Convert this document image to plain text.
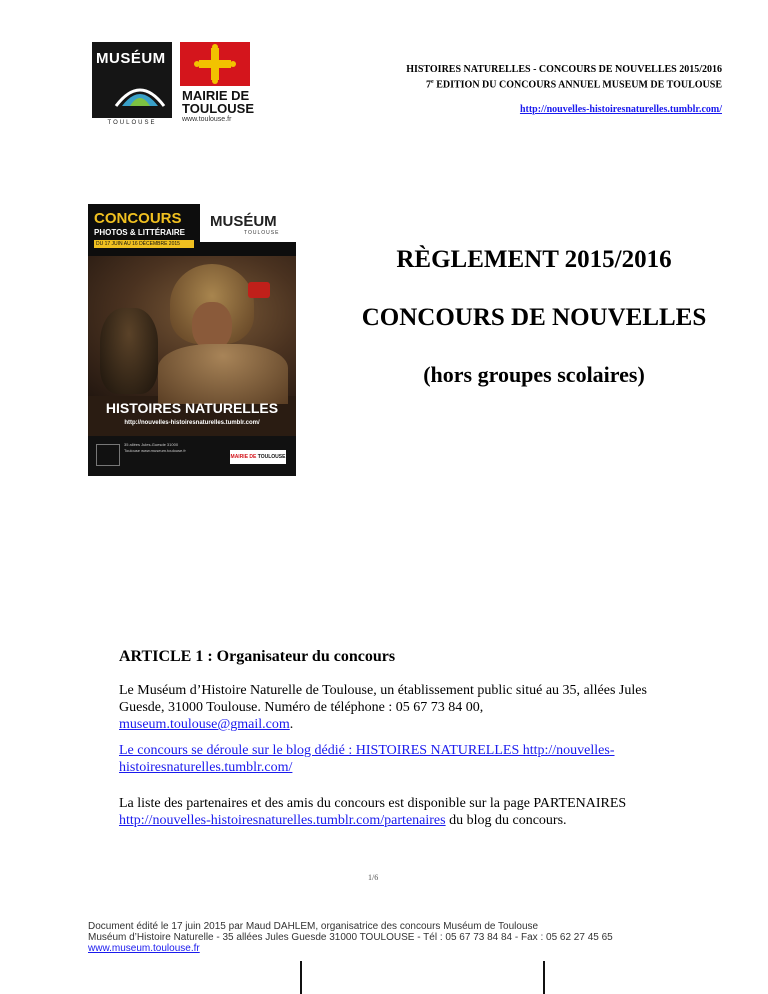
MUSÉUM
TOULOUSE
MAIRIE DE
TOULOUSE
www.toulouse.fr
HISTOIRES NATURELLES - CONCOURS DE NOUVELLES 2015/2016
7e EDITION DU CONCOURS ANNUEL MUSEUM DE TOULOUSE
http://nouvelles-histoiresnaturelles.tumblr.com/
CONCOURS
PHOTOS & LITTÉRAIRE
DU 17 JUIN AU 16 DÉCEMBRE 2015
MUSÉUM
TOULOUSE
HISTOIRES NATURELLES
http://nouvelles-histoiresnaturelles.tumblr.com/
35 allées Jules-Guesde 31000 Toulouse www.museum.toulouse.fr
MAIRIE DE TOULOUSE
RÈGLEMENT 2015/2016
CONCOURS DE NOUVELLES
(hors groupes scolaires)
ARTICLE 1 : Organisateur du concours
Le Muséum d’Histoire Naturelle de Toulouse, un établissement public situé au 35, allées Jules Guesde, 31000 Toulouse. Numéro de téléphone : 05 67 73 84 00,
museum.toulouse@gmail.com.
Le concours se déroule sur le blog dédié : HISTOIRES NATURELLES http://nouvelles-histoiresnaturelles.tumblr.com/
La liste des partenaires et des amis du concours est disponible sur la page PARTENAIRES
http://nouvelles-histoiresnaturelles.tumblr.com/partenaires du blog du concours.
1/6
Document édité le 17 juin 2015 par Maud DAHLEM, organisatrice des concours Muséum de Toulouse
Muséum d’Histoire Naturelle - 35 allées Jules Guesde 31000 TOULOUSE - Tél : 05 67 73 84 84 - Fax : 05 62 27 45 65
www.museum.toulouse.fr
